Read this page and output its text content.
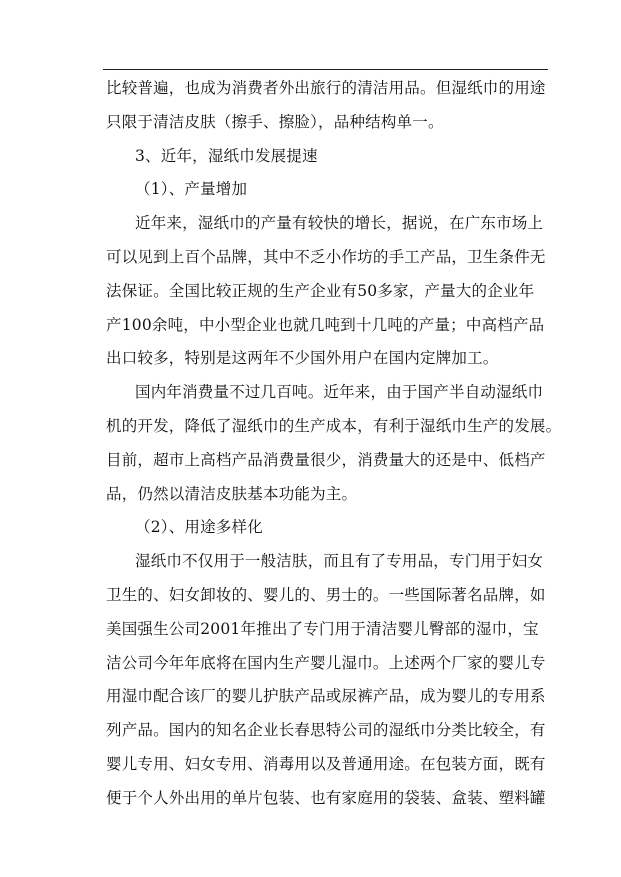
比较普遍，也成为消费者外出旅行的清洁用品。但湿纸巾的用途
只限于清洁皮肤（擦手、擦脸），品种结构单一。
3、近年，湿纸巾发展提速
（1）、产量增加
近年来，湿纸巾的产量有较快的增长，据说，在广东市场上
可以见到上百个品牌，其中不乏小作坊的手工产品，卫生条件无
法保证。全国比较正规的生产企业有50多家，产量大的企业年
产100余吨，中小型企业也就几吨到十几吨的产量；中高档产品
出口较多，特别是这两年不少国外用户在国内定牌加工。
国内年消费量不过几百吨。近年来，由于国产半自动湿纸巾
机的开发，降低了湿纸巾的生产成本，有利于湿纸巾生产的发展。
目前，超市上高档产品消费量很少，消费量大的还是中、低档产
品，仍然以清洁皮肤基本功能为主。
（2）、用途多样化
湿纸巾不仅用于一般洁肤，而且有了专用品，专门用于妇女
卫生的、妇女卸妆的、婴儿的、男士的。一些国际著名品牌，如
美国强生公司2001年推出了专门用于清洁婴儿臀部的湿巾，宝
洁公司今年年底将在国内生产婴儿湿巾。上述两个厂家的婴儿专
用湿巾配合该厂的婴儿护肤产品或尿裤产品，成为婴儿的专用系
列产品。国内的知名企业长春思特公司的湿纸巾分类比较全，有
婴儿专用、妇女专用、消毒用以及普通用途。在包装方面，既有
便于个人外出用的单片包装、也有家庭用的袋装、盒装、塑料罐
